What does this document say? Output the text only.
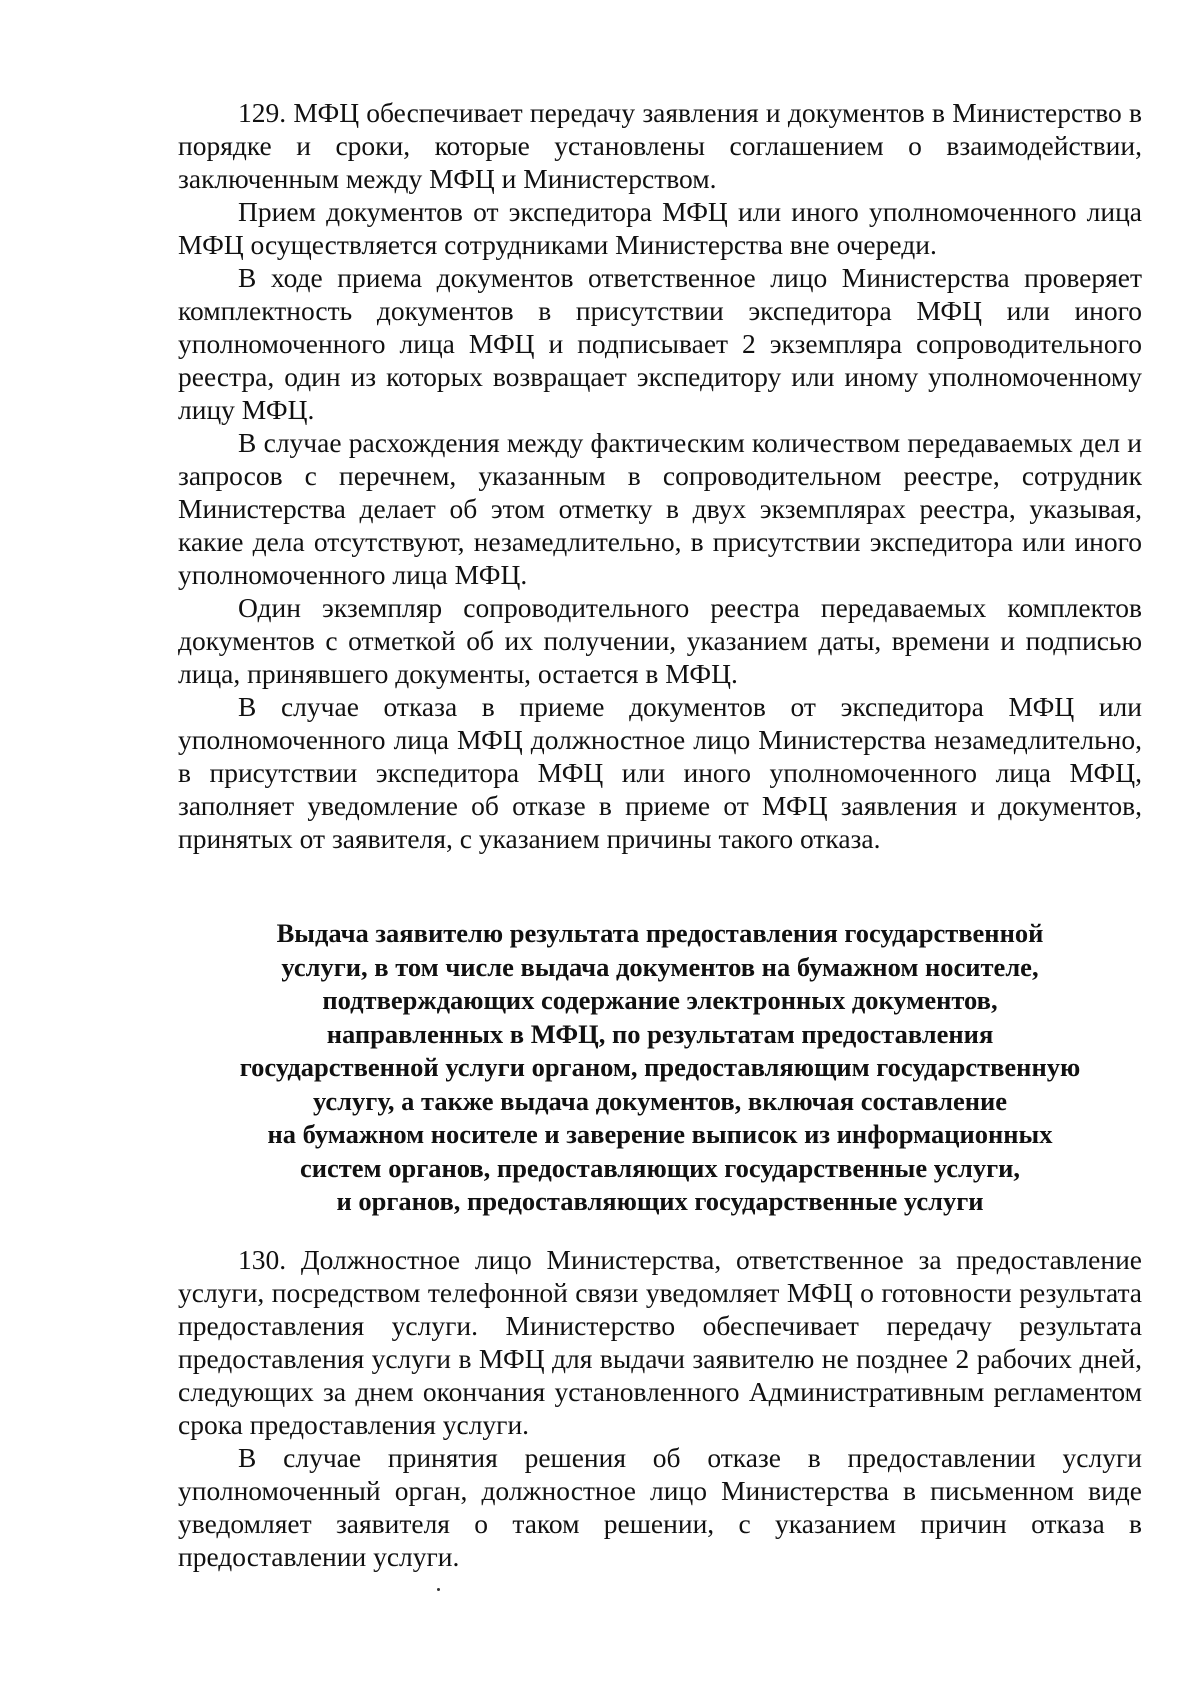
129. МФЦ обеспечивает передачу заявления и документов в Министерство в порядке и сроки, которые установлены соглашением о взаимодействии, заключенным между МФЦ и Министерством.

Прием документов от экспедитора МФЦ или иного уполномоченного лица МФЦ осуществляется сотрудниками Министерства вне очереди.

В ходе приема документов ответственное лицо Министерства проверяет комплектность документов в присутствии экспедитора МФЦ или иного уполномоченного лица МФЦ и подписывает 2 экземпляра сопроводительного реестра, один из которых возвращает экспедитору или иному уполномоченному лицу МФЦ.

В случае расхождения между фактическим количеством передаваемых дел и запросов с перечнем, указанным в сопроводительном реестре, сотрудник Министерства делает об этом отметку в двух экземплярах реестра, указывая, какие дела отсутствуют, незамедлительно, в присутствии экспедитора или иного уполномоченного лица МФЦ.

Один экземпляр сопроводительного реестра передаваемых комплектов документов с отметкой об их получении, указанием даты, времени и подписью лица, принявшего документы, остается в МФЦ.

В случае отказа в приеме документов от экспедитора МФЦ или уполномоченного лица МФЦ должностное лицо Министерства незамедлительно, в присутствии экспедитора МФЦ или иного уполномоченного лица МФЦ, заполняет уведомление об отказе в приеме от МФЦ заявления и документов, принятых от заявителя, с указанием причины такого отказа.

Выдача заявителю результата предоставления государственной
услуги, в том числе выдача документов на бумажном носителе,
подтверждающих содержание электронных документов,
направленных в МФЦ, по результатам предоставления
государственной услуги органом, предоставляющим государственную
услугу, а также выдача документов, включая составление
на бумажном носителе и заверение выписок из информационных
систем органов, предоставляющих государственные услуги,
и органов, предоставляющих государственные услуги

130. Должностное лицо Министерства, ответственное за предоставление услуги, посредством телефонной связи уведомляет МФЦ о готовности результата предоставления услуги. Министерство обеспечивает передачу результата предоставления услуги в МФЦ для выдачи заявителю не позднее 2 рабочих дней, следующих за днем окончания установленного Административным регламентом срока предоставления услуги.

В случае принятия решения об отказе в предоставлении услуги уполномоченный орган, должностное лицо Министерства в письменном виде уведомляет заявителя о таком решении, с указанием причин отказа в предоставлении услуги.
